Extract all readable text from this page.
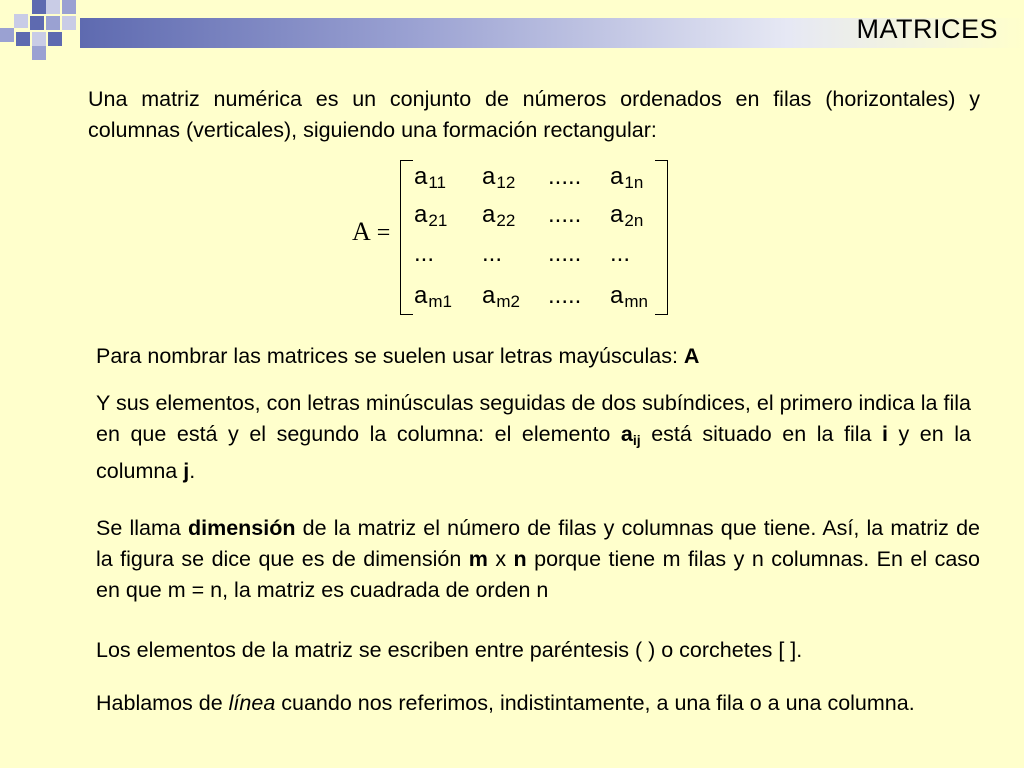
MATRICES
Una matriz numérica es un conjunto de números ordenados en filas (horizontales) y columnas (verticales), siguiendo una formación rectangular:
A =
a11 a12 ..... a1n
a21 a22 ..... a2n
... ... ..... ...
am1 am2 ..... amn
Para nombrar las matrices se suelen usar letras mayúsculas: A
Y sus elementos, con letras minúsculas seguidas de dos subíndices, el primero indica la fila en que está y el segundo la columna: el elemento $a_{ij}$ está situado en la fila i y en la columna j.
Se llama dimensión de la matriz el número de filas y columnas que tiene. Así, la matriz de la figura se dice que es de dimensión m x n porque tiene m filas y n columnas. En el caso en que m = n, la matriz es cuadrada de orden n
Los elementos de la matriz se escriben entre paréntesis ( ) o corchetes [ ].
Hablamos de línea cuando nos referimos, indistintamente, a una fila o a una columna.
